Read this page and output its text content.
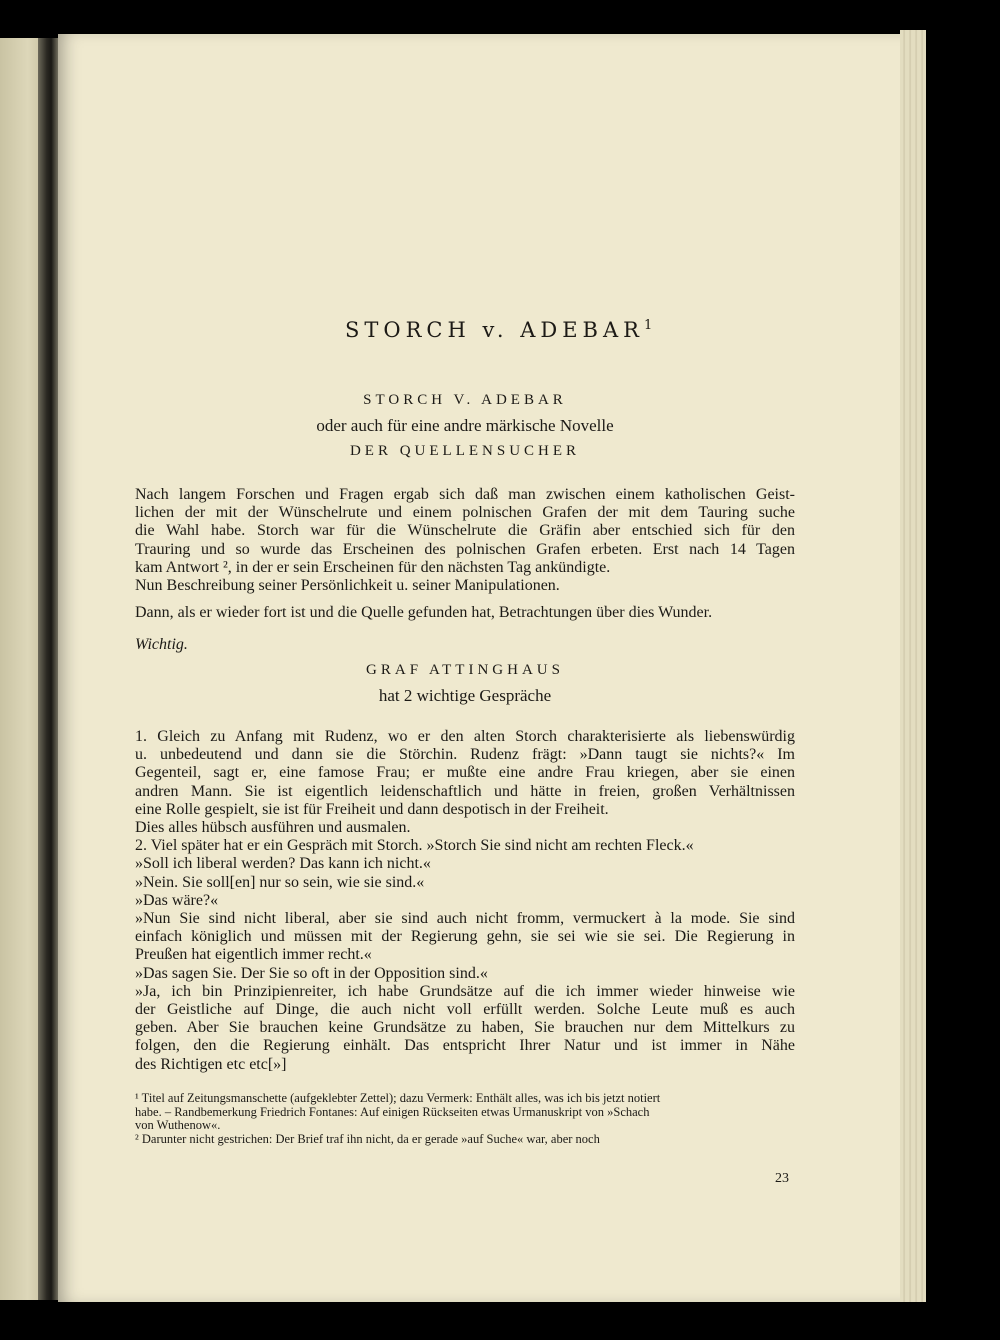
STORCH v. ADEBAR$^1$
STORCH V. ADEBAR
oder auch für eine andre märkische Novelle
DER QUELLENSUCHER
Nach langem Forschen und Fragen ergab sich daß man zwischen einem katholischen Geist-
lichen der mit der Wünschelrute und einem polnischen Grafen der mit dem Tauring suche
die Wahl habe. Storch war für die Wünschelrute die Gräfin aber entschied sich für den
Trauring und so wurde das Erscheinen des polnischen Grafen erbeten. Erst nach 14 Tagen
kam Antwort ², in der er sein Erscheinen für den nächsten Tag ankündigte.
Nun Beschreibung seiner Persönlichkeit u. seiner Manipulationen.
Dann, als er wieder fort ist und die Quelle gefunden hat, Betrachtungen über dies Wunder.
Wichtig.
GRAF ATTINGHAUS
hat 2 wichtige Gespräche
1. Gleich zu Anfang mit Rudenz, wo er den alten Storch charakterisierte als liebenswürdig
u. unbedeutend und dann sie die Störchin. Rudenz frägt: »Dann taugt sie nichts?« Im
Gegenteil, sagt er, eine famose Frau; er mußte eine andre Frau kriegen, aber sie einen
andren Mann. Sie ist eigentlich leidenschaftlich und hätte in freien, großen Verhältnissen
eine Rolle gespielt, sie ist für Freiheit und dann despotisch in der Freiheit.
Dies alles hübsch ausführen und ausmalen.
2. Viel später hat er ein Gespräch mit Storch. »Storch Sie sind nicht am rechten Fleck.«
»Soll ich liberal werden? Das kann ich nicht.«
»Nein. Sie soll[en] nur so sein, wie sie sind.«
»Das wäre?«
»Nun Sie sind nicht liberal, aber sie sind auch nicht fromm, vermuckert à la mode. Sie sind
einfach königlich und müssen mit der Regierung gehn, sie sei wie sie sei. Die Regierung in
Preußen hat eigentlich immer recht.«
»Das sagen Sie. Der Sie so oft in der Opposition sind.«
»Ja, ich bin Prinzipienreiter, ich habe Grundsätze auf die ich immer wieder hinweise wie
der Geistliche auf Dinge, die auch nicht voll erfüllt werden. Solche Leute muß es auch
geben. Aber Sie brauchen keine Grundsätze zu haben, Sie brauchen nur dem Mittelkurs zu
folgen, den die Regierung einhält. Das entspricht Ihrer Natur und ist immer in Nähe
des Richtigen etc etc[»]
¹ Titel auf Zeitungsmanschette (aufgeklebter Zettel); dazu Vermerk: Enthält alles, was ich bis jetzt notiert
habe. – Randbemerkung Friedrich Fontanes: Auf einigen Rückseiten etwas Urmanuskript von »Schach
von Wuthenow«.
² Darunter nicht gestrichen: Der Brief traf ihn nicht, da er gerade »auf Suche« war, aber noch
23
